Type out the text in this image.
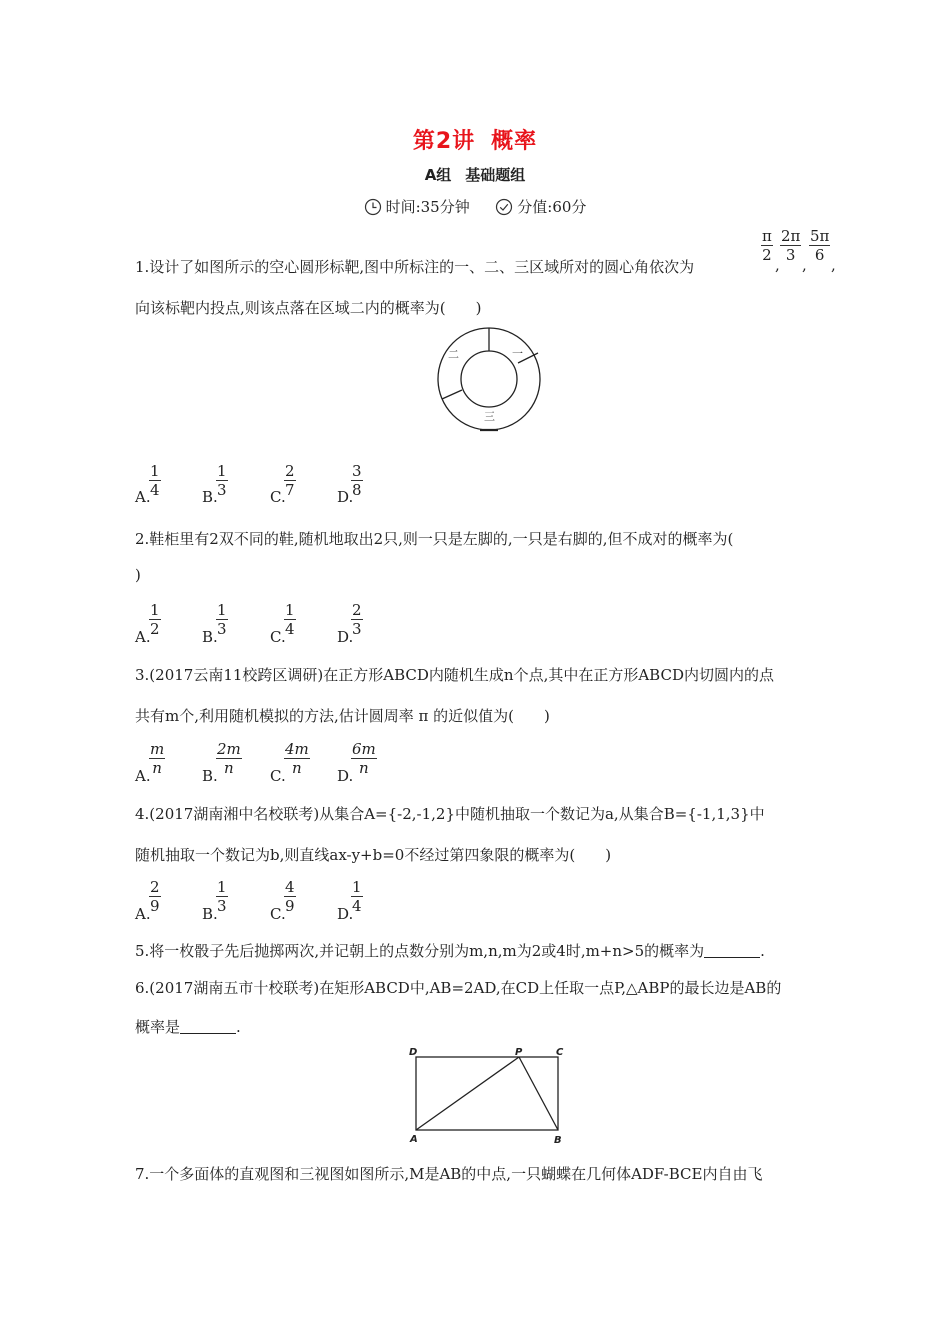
第2讲 概率
A组 基础题组
时间:35分钟	分值:60分
1.设计了如图所示的空心圆形标靶,图中所标注的一、二、三区域所对的圆心角依次为
$\frac{\pi}{2}$
,
$\frac{2\pi}{3}$
,
$\frac{5\pi}{6}$
,
向该标靶内投点,则该点落在区域二内的概率为(　　)
一
二
三
A.
$\frac{1}{4}$	B.
$\frac{1}{3}$	C.
$\frac{2}{7}$	D.
$\frac{3}{8}$
2.鞋柜里有2双不同的鞋,随机地取出2只,则一只是左脚的,一只是右脚的,但不成对的概率为(
)
A.
$\frac{1}{2}$	B.
$\frac{1}{3}$	C.
$\frac{1}{4}$	D.
$\frac{2}{3}$
3.(2017云南11校跨区调研)在正方形ABCD内随机生成n个点,其中在正方形ABCD内切圆内的点
共有m个,利用随机模拟的方法,估计圆周率 π 的近似值为(　　)
A.
$\frac{m}{n} B$.
$\frac{2m}{n} C$.
$\frac{4m}{n} D$.
$\frac{6m}{n}$
4.(2017湖南湘中名校联考)从集合A={-2,-1,2}中随机抽取一个数记为a,从集合B={-1,1,3}中
随机抽取一个数记为b,则直线ax-y+b=0不经过第四象限的概率为(　　)
A.
$\frac{2}{9}$	B.
$\frac{1}{3}$	C.
$\frac{4}{9}$	D.
$\frac{1}{4}$
5.将一枚骰子先后抛掷两次,并记朝上的点数分别为m,n,m为2或4时,m+n>5的概率为	.
6.(2017湖南五市十校联考)在矩形ABCD中,AB=2AD,在CD上任取一点P,△ABP的最长边是AB的
概率是	.
D	P	C
A	B
7.一个多面体的直观图和三视图如图所示,M是AB的中点,一只蝴蝶在几何体ADF-BCE内自由飞
